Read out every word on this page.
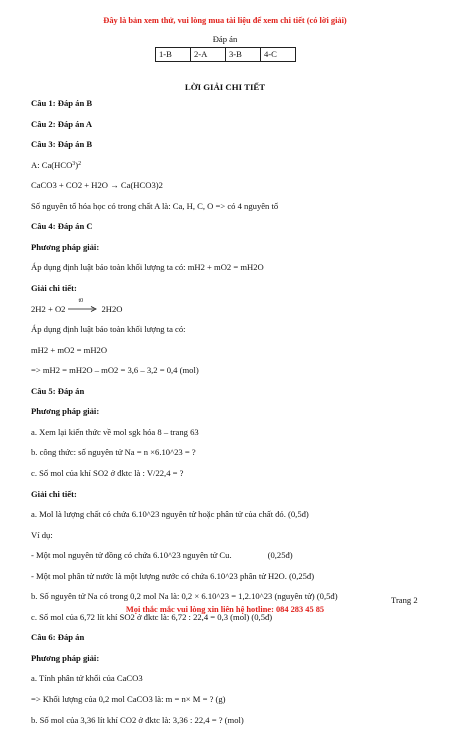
Đây là bản xem thử, vui lòng mua tài liệu để xem chi tiết (có lời giải)
Đáp án
1-B	2-A	3-B	4-C
LỜI GIẢI CHI TIẾT
Câu 1: Đáp án B
Câu 2: Đáp án A
Câu 3: Đáp án B
A: Ca(HCO 3 ) 2
CaCO3 + CO2 + H2O → Ca(HCO3)2
Số nguyên tố hóa học có trong chất A là: Ca, H, C, O => có 4 nguyên tố
Câu 4: Đáp án C
Phương pháp giải:
Áp dụng định luật bảo toàn khối lượng ta có: mH2 + mO2 = mH2O
Giải chi tiết:
2H2 + O2
t0
2H2O
Áp dụng định luật bảo toàn khối lượng ta có:
mH2 + mO2 = mH2O
=> mH2 = mH2O – mO2 = 3,6 – 3,2 = 0,4 (mol)
Câu 5: Đáp án
Phương pháp giải:
a. Xem lại kiến thức về mol sgk hóa 8 – trang 63
b. công thức: số nguyên tử Na = n ×6.10^23 = ?
c. Số mol của khí SO2 ở đktc là : V/22,4 = ?
Giải chi tiết:
a. Mol là lượng chất có chứa 6.10^23 nguyên tử hoặc phân tử của chất đó. (0,5đ)
Ví dụ:
- Một mol nguyên tử đồng có chứa 6.10^23 nguyên tử Cu.	(0,25đ)
- Một mol phân tử nước là một lượng nước có chứa 6.10^23 phân tử H2O. (0,25đ)
b. Số nguyên tử Na có trong 0,2 mol Na là: 0,2 × 6.10^23 = 1,2.10^23 (nguyên tử) (0,5đ)
c. Số mol của 6,72 lít khí SO2 ở đktc là: 6,72 : 22,4 = 0,3 (mol) (0,5đ)
Câu 6: Đáp án
Phương pháp giải:
a. Tính phân tử khối của CaCO3
=> Khối lượng của 0,2 mol CaCO3 là: m = n× M = ? (g)
b. Số mol của 3,36 lít khí CO2 ở đktc là: 3,36 : 22,4 = ? (mol)
Trang 2
Mọi thắc mắc vui lòng xin liên hệ hotline: 084 283 45 85
